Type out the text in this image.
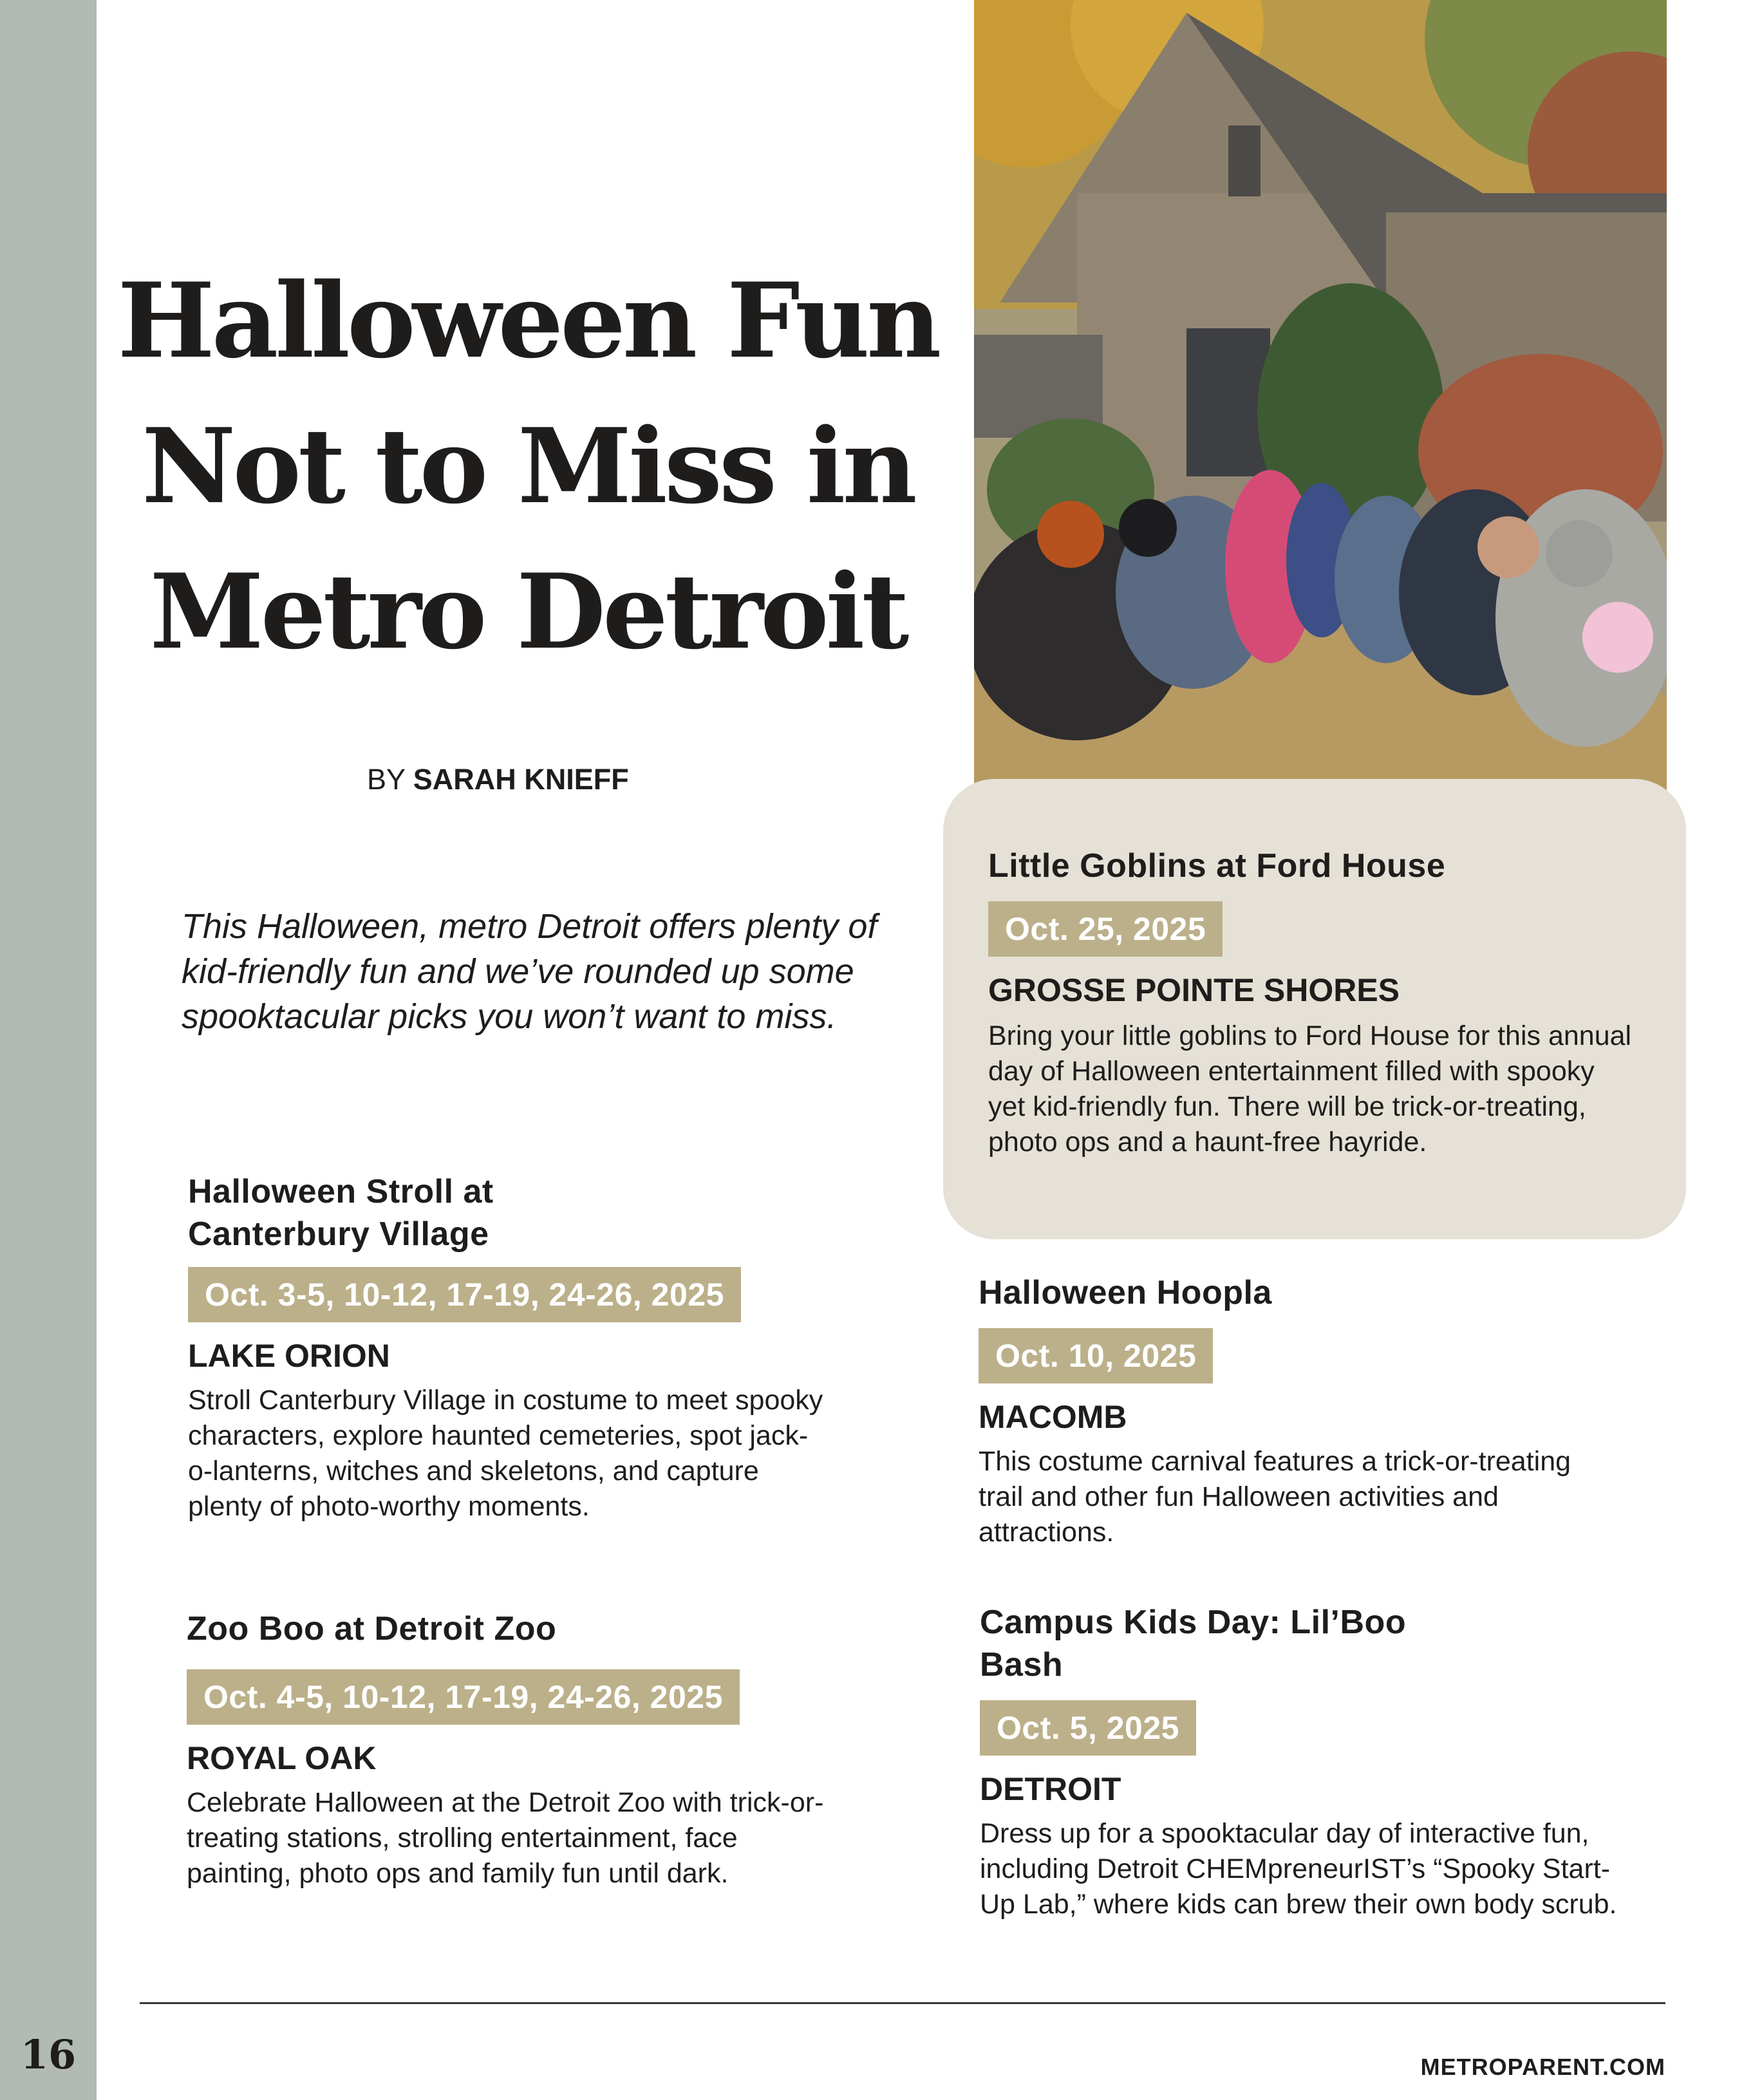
16
Halloween Fun
Not to Miss in
Metro Detroit
BY SARAH KNIEFF

This Halloween, metro Detroit offers plenty of kid-friendly fun and we’ve rounded up some spooktacular picks you won’t want to miss.

Little Goblins at Ford House
Oct. 25, 2025
GROSSE POINTE SHORES

Bring your little goblins to Ford House for this annual day of Halloween entertainment filled with spooky yet kid-friendly fun. There will be trick-or-treating, photo ops and a haunt-free hayride.

Halloween Stroll at Canterbury Village
Oct. 3-5, 10-12, 17-19, 24-26, 2025
LAKE ORION

Stroll Canterbury Village in costume to meet spooky characters, explore haunted cemeteries, spot jack-o-lanterns, witches and skeletons, and capture plenty of photo-worthy moments.

Halloween Hoopla
Oct. 10, 2025
MACOMB

This costume carnival features a trick-or-treating trail and other fun Halloween activities and attractions.

Zoo Boo at Detroit Zoo
Oct. 4-5, 10-12, 17-19, 24-26, 2025
ROYAL OAK

Celebrate Halloween at the Detroit Zoo with trick-or-treating stations, strolling entertainment, face painting, photo ops and family fun until dark.

Campus Kids Day: Lil’Boo Bash
Oct. 5, 2025
DETROIT

Dress up for a spooktacular day of interactive fun, including Detroit CHEMpreneurIST’s “Spooky Start-Up Lab,” where kids can brew their own body scrub.

METROPARENT.COM
